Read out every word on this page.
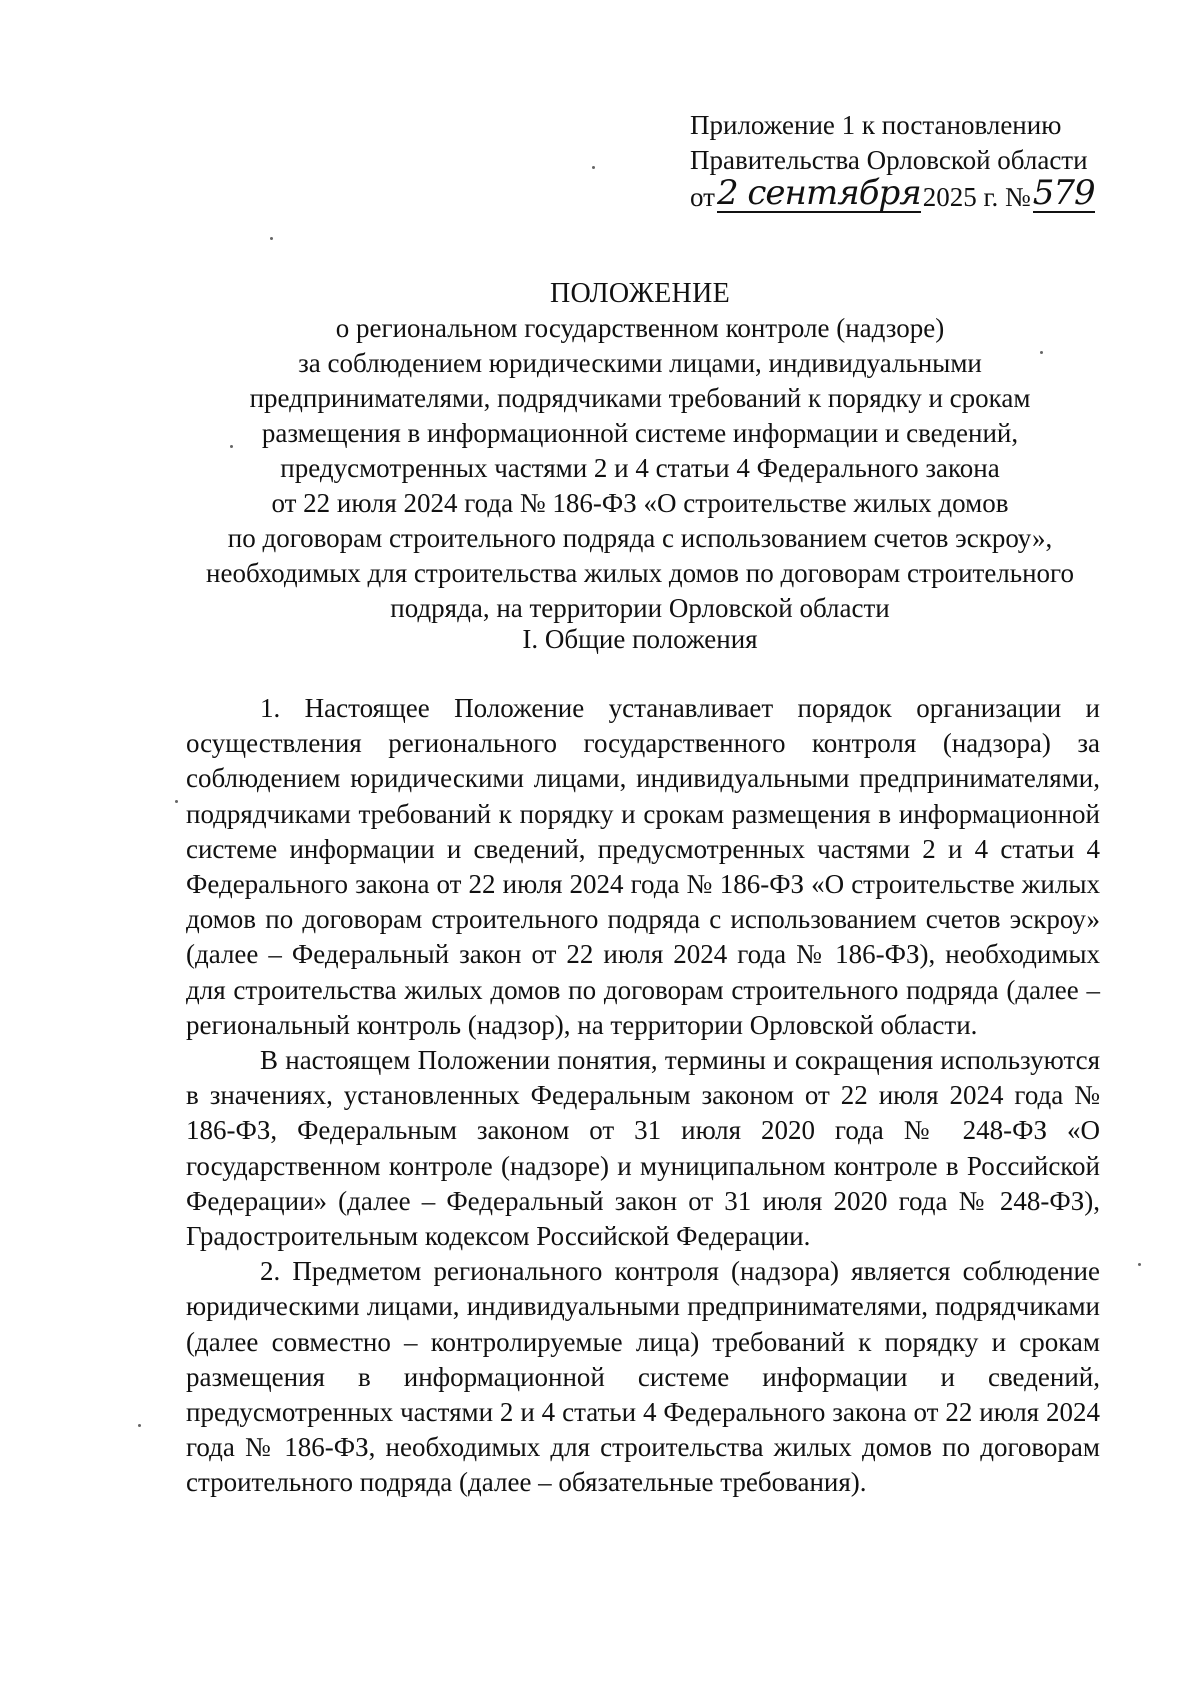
Приложение 1 к постановлению
Правительства Орловской области
от 2 сентября 2025 г. № 579
ПОЛОЖЕНИЕ
о региональном государственном контроле (надзоре)
за соблюдением юридическими лицами, индивидуальными
предпринимателями, подрядчиками требований к порядку и срокам
размещения в информационной системе информации и сведений,
предусмотренных частями 2 и 4 статьи 4 Федерального закона
от 22 июля 2024 года № 186-ФЗ «О строительстве жилых домов
по договорам строительного подряда с использованием счетов эскроу»,
необходимых для строительства жилых домов по договорам строительного
подряда, на территории Орловской области
I. Общие положения

1. Настоящее Положение устанавливает порядок организации и осуществления регионального государственного контроля (надзора) за соблюдением юридическими лицами, индивидуальными предпринимателями, подрядчиками требований к порядку и срокам размещения в информационной системе информации и сведений, предусмотренных частями 2 и 4 статьи 4 Федерального закона от 22 июля 2024 года № 186-ФЗ «О строительстве жилых домов по договорам строительного подряда с использованием счетов эскроу» (далее – Федеральный закон от 22 июля 2024 года № 186-ФЗ), необходимых для строительства жилых домов по договорам строительного подряда (далее – региональный контроль (надзор), на территории Орловской области.

В настоящем Положении понятия, термины и сокращения используются в значениях, установленных Федеральным законом от 22 июля 2024 года № 186-ФЗ, Федеральным законом от 31 июля 2020 года № 248-ФЗ «О государственном контроле (надзоре) и муниципальном контроле в Российской Федерации» (далее – Федеральный закон от 31 июля 2020 года № 248-ФЗ), Градостроительным кодексом Российской Федерации.

2. Предметом регионального контроля (надзора) является соблюдение юридическими лицами, индивидуальными предпринимателями, подрядчиками (далее совместно – контролируемые лица) требований к порядку и срокам размещения в информационной системе информации и сведений, предусмотренных частями 2 и 4 статьи 4 Федерального закона от 22 июля 2024 года № 186-ФЗ, необходимых для строительства жилых домов по договорам строительного подряда (далее – обязательные требования).
